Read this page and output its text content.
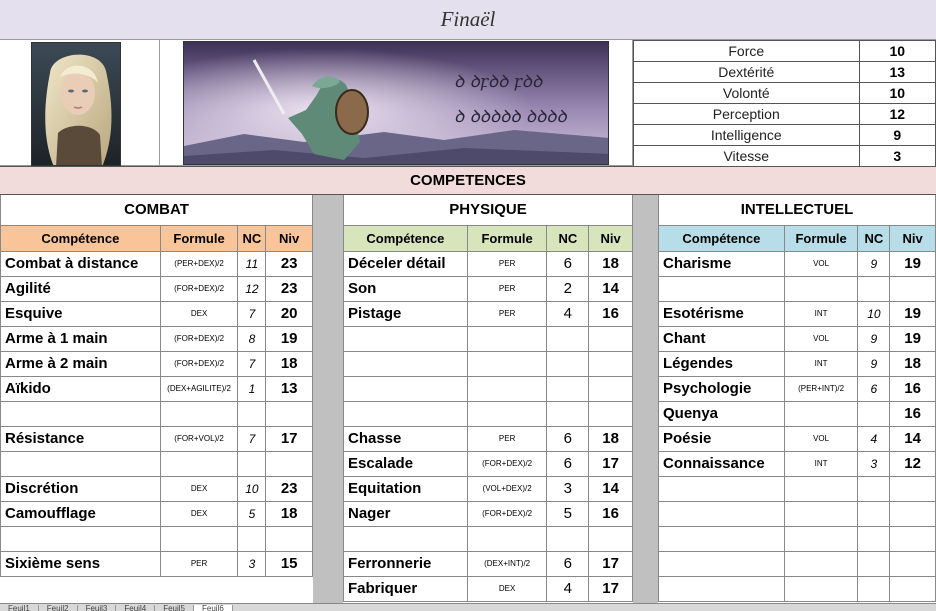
Finaël
ꝺ ꝺꝼꝺꝺ ꝼꝺꝺ
ꝺ ꝺꝺꝺꝺꝺ ꝺꝺꝺꝺ
Force	10
Dextérité	13
Volonté	10
Perception	12
Intelligence	9
Vitesse	3
COMPETENCES
COMBAT			
Compétence	Formule	NC	Niv
Combat à distance	(PER+DEX)/2	11	23
Agilité	(FOR+DEX)/2	12	23
Esquive	DEX	7	20
Arme à 1 main	(FOR+DEX)/2	8	19
Arme à 2 main	(FOR+DEX)/2	7	18
Aïkido	(DEX+AGILITE)/2	1	13

Résistance	(FOR+VOL)/2	7	17

Discrétion	DEX	10	23
Camoufflage	DEX	5	18

Sixième sens	PER	3	15
PHYSIQUE			
Compétence	Formule	NC	Niv
Déceler détail	PER	6	18
Son	PER	2	14
Pistage	PER	4	16

Chasse	PER	6	18
Escalade	(FOR+DEX)/2	6	17
Equitation	(VOL+DEX)/2	3	14
Nager	(FOR+DEX)/2	5	16

Ferronnerie	(DEX+INT)/2	6	17
Fabriquer	DEX	4	17
INTELLECTUEL			
Compétence	Formule	NC	Niv
Charisme	VOL	9	19

Esotérisme	INT	10	19
Chant	VOL	9	19
Légendes	INT	9	18
Psychologie	(PER+INT)/2	6	16
Quenya			16
Poésie	VOL	4	14
Connaissance	INT	3	12

Feuil1 Feuil2 Feuil3 Feuil4 Feuil5 Feuil6
